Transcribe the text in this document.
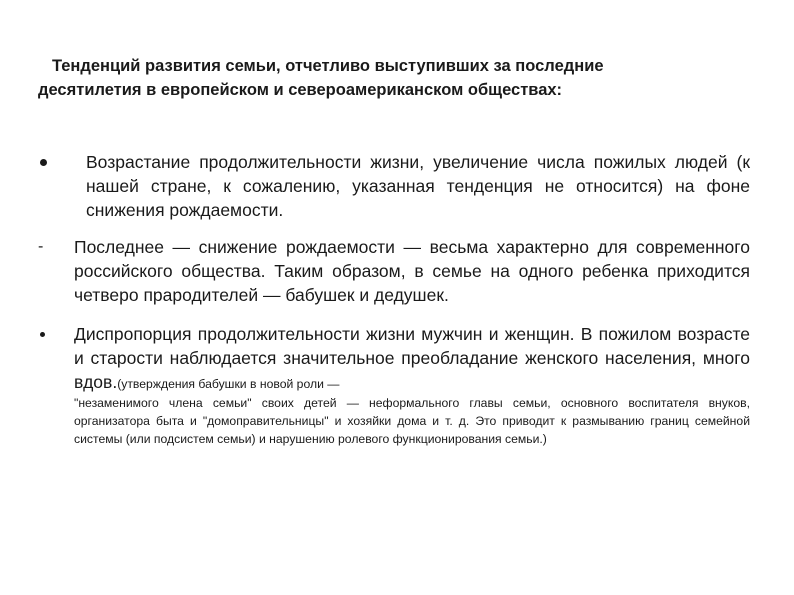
Тенденций развития семьи, отчетливо выступивших за последние
десятилетия в европейском и североамериканском обществах:
Возрастание продолжительности жизни, увеличение числа пожилых людей (к нашей стране, к сожалению, указанная тенденция не относится) на фоне снижения рождаемости.
- Последнее — снижение рождаемости — весьма характерно для современного российского общества. Таким образом, в семье на одного ребенка приходится четверо прародителей — бабушек и дедушек.
Диспропорция продолжительности жизни мужчин и женщин. В пожилом возрасте и старости наблюдается значительное преобладание женского населения, много вдов.(утверждения бабушки в новой роли —
"незаменимого члена семьи" своих детей — неформального главы семьи, основного воспитателя внуков, организатора быта и "домоправительницы" и хозяйки дома и т. д. Это приводит к размыванию границ семейной системы (или подсистем семьи) и нарушению ролевого функционирования семьи.)
